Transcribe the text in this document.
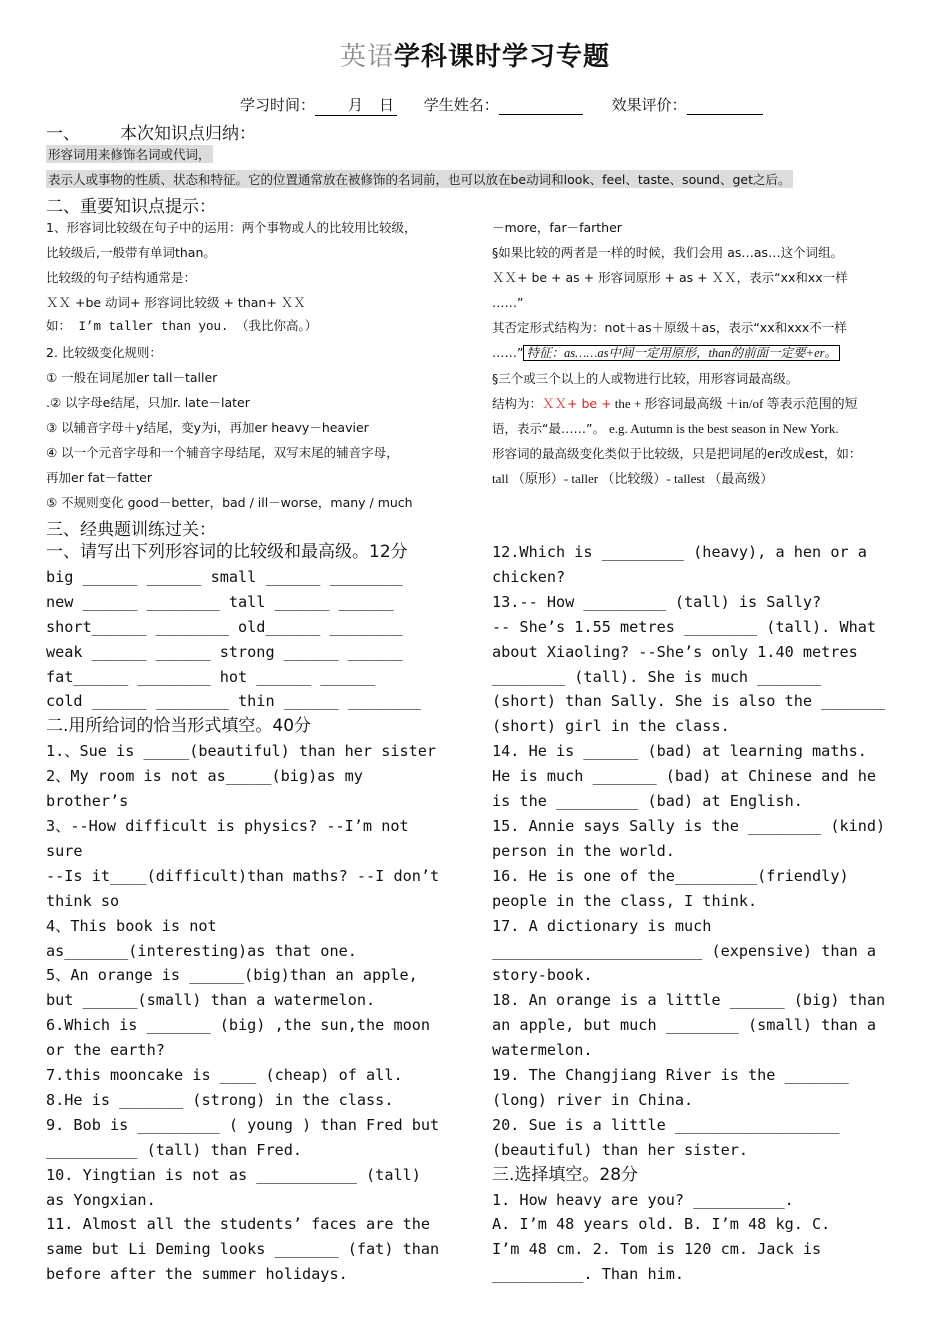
英语学科课时学习专题
学习时间： 月 日 学生姓名：	效果评价：
一、 本次知识点归纳：
形容词用来修饰名词或代词，
表示人或事物的性质、状态和特征。它的位置通常放在被修饰的名词前，也可以放在be动词和look、feel、taste、sound、get之后。
二、重要知识点提示：
1、形容词比较级在句子中的运用：两个事物或人的比较用比较级，
比较级后,一般带有单词than。
比较级的句子结构通常是：
ＸＸ +be 动词+ 形容词比较级 + than+ ＸＸ
如： I’m taller than you. （我比你高。）
2. 比较级变化规则：
① 一般在词尾加er tall－taller
.② 以字母e结尾，只加r. late－later
③ 以辅音字母＋y结尾，变y为i，再加er heavy－heavier
④ 以一个元音字母和一个辅音字母结尾，双写末尾的辅音字母，
再加er fat－fatter
⑤ 不规则变化 good－better，bad / ill－worse，many / much
－more，far－farther
§如果比较的两者是一样的时候，我们会用 as…as…这个词组。
ＸＸ+ be + as + 形容词原形 + as + ＸＸ，表示“xx和xx一样
……”
其否定形式结构为：not＋as＋原级＋as，表示“xx和xxx不一样
……” 特征：as……as中间一定用原形，than的前面一定要+er。
§三个或三个以上的人或物进行比较，用形容词最高级。
结构为：ＸＸ+ be + the + 形容词最高级 ＋in/of 等表示范围的短
语，表示“最……”。 e.g. Autumn is the best season in New York.
形容词的最高级变化类似于比较级，只是把词尾的er改成est，如：
tall （原形）- taller （比较级）- tallest （最高级）
三、经典题训练过关：
一、请写出下列形容词的比较级和最高级。12分
big ______ ______ small ______ ________
new ______ ________ tall ______ ______
short______ ________ old______ ________
weak ______ ______ strong ______ ______
fat______ ________ hot ______ ______
cold ______ ________ thin ______ ________
二.用所给词的恰当形式填空。40分
1.、Sue is _____(beautiful) than her sister
2、My room is not as_____(big)as my
brother’s
3、--How difficult is physics? --I’m not
sure
--Is it____(difficult)than maths? --I don’t
think so
4、This book is not
as_______(interesting)as that one.
5、An orange is ______(big)than an apple,
but ______(small) than a watermelon.
6.Which is _______ (big) ,the sun,the moon
or the earth?
7.this mooncake is ____ (cheap) of all.
8.He is _______ (strong) in the class.
9. Bob is _________ ( young ) than Fred but
__________ (tall) than Fred.
10. Yingtian is not as ___________ (tall)
as Yongxian.
11. Almost all the students’ faces are the
same but Li Deming looks _______ (fat) than
before after the summer holidays.
12.Which is _________ (heavy), a hen or a
chicken?
13.-- How _________ (tall) is Sally?
-- She’s 1.55 metres ________ (tall). What
about Xiaoling? --She’s only 1.40 metres
________ (tall). She is much _______
(short) than Sally. She is also the _______
(short) girl in the class.
14. He is ______ (bad) at learning maths.
He is much _______ (bad) at Chinese and he
is the _________ (bad) at English.
15. Annie says Sally is the ________ (kind)
person in the world.
16. He is one of the_________(friendly)
people in the class, I think.
17. A dictionary is much
_______________________ (expensive) than a
story-book.
18. An orange is a little ______ (big) than
an apple, but much ________ (small) than a
watermelon.
19. The Changjiang River is the _______
(long) river in China.
20. Sue is a little __________________
(beautiful) than her sister.
三.选择填空。28分
1. How heavy are you? __________.
A. I’m 48 years old. B. I’m 48 kg. C.
I’m 48 cm. 2. Tom is 120 cm. Jack is
__________. Than him.
